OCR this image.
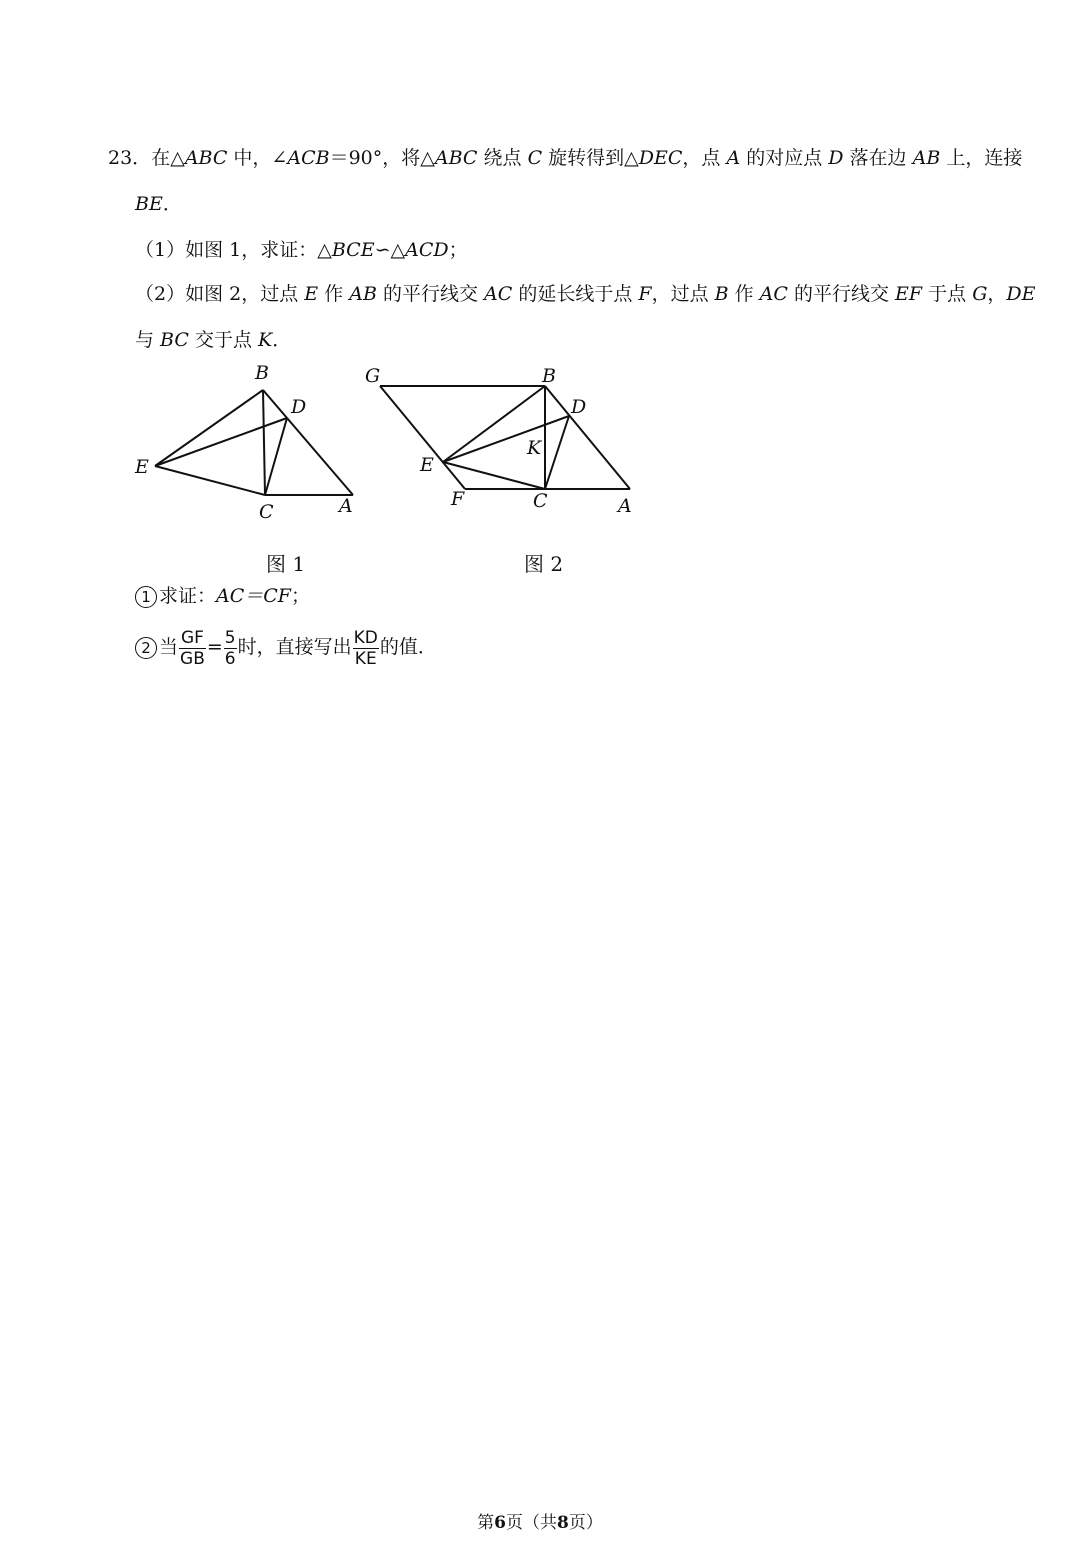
23．在△ABC 中，∠ACB＝90°，将△ABC 绕点 C 旋转得到△DEC，点 A 的对应点 D 落在边 AB 上，连接
BE．
（1）如图 1，求证：△BCE∽△ACD；
（2）如图 2，过点 E 作 AB 的平行线交 AC 的延长线于点 F，过点 B 作 AC 的平行线交 EF 于点 G，DE
与 BC 交于点 K．
B
D
E
C	A
G	B
D
K
E
F	C	A
图 1	图 2
1 求证：AC＝CF；
2 当 $\frac{GF}{GB} = \frac{5}{6}$ 时，直接写出 $\frac{KD}{KE}$ 的值．
第6页（共8页）
